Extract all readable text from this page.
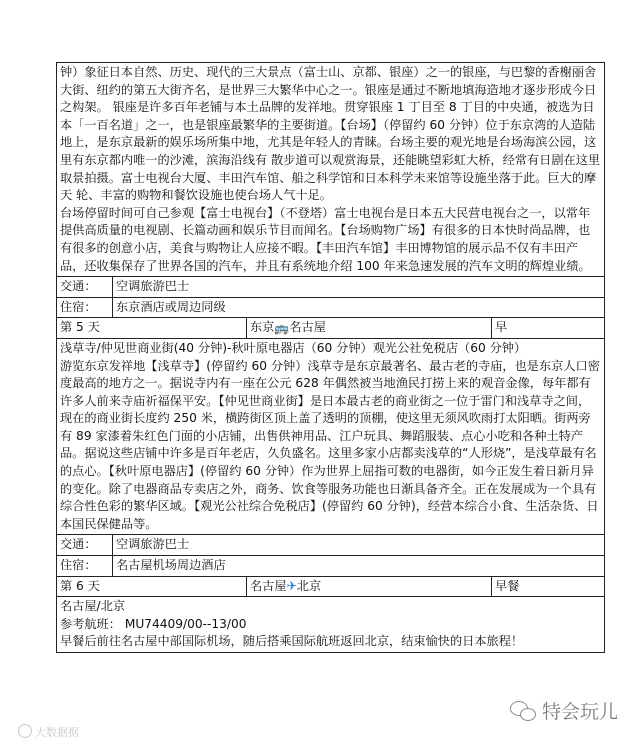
钟）象征日本自然、历史、现代的三大景点（富士山、京都、银座）之一的银座，与巴黎的香榭丽舍大街、纽约的第五大街齐名，是世界三大繁华中心之一。银座是通过不断地填海造地才逐步形成今日之构架。 银座是许多百年老铺与本土品牌的发祥地。贯穿银座 1 丁目至 8 丁目的中央通，被选为日本「一百名道」之一，也是银座最繁华的主要街道。【台场】（停留约 60 分钟）位于东京湾的人造陆地上，是东京最新的娱乐场所集中地，尤其是年轻人的青睐。台场主要的观光地是台场海滨公园，这里有东京都内唯一的沙滩，滨海沿线有 散步道可以观赏海景，还能眺望彩虹大桥，经常有日剧在这里取景拍摄。富士电视台大厦、丰田汽车馆、船之科学馆和日本科学未来馆等设施坐落于此。巨大的摩天 轮、丰富的购物和餐饮设施也使台场人气十足。

台场停留时间可自己参观【富士电视台】（不登塔）富士电视台是日本五大民营电视台之一，以常年提供高质量的电视剧、长篇动画和娱乐节目而闻名。【台场购物广场】有很多的日本快时尚品牌，也有很多的创意小店，美食与购物让人应接不暇。【丰田汽车馆】丰田博物馆的展示品不仅有丰田产品，还收集保存了世界各国的汽车，并且有系统地介绍 100 年来急速发展的汽车文明的辉煌业绩。			

交通：	空调旅游巴士		
住宿：	东京酒店或周边同级		
第 5 天		东京🚌名古屋	早

浅草寺/仲见世商业街(40 分钟)-秋叶原电器店（60 分钟）观光公社免税店（60 分钟）

游览东京发祥地【浅草寺】(停留约 60 分钟）浅草寺是东京最著名、最古老的寺庙，也是东京人口密度最高的地方之一。据说寺内有一座在公元 628 年偶然被当地渔民打捞上来的观音金像，每年都有许多人前来寺庙祈福保平安。【仲见世商业街】是日本最古老的商业街之一位于雷门和浅草寺之间，现在的商业街长度约 250 米，横跨街区顶上盖了透明的顶棚，使这里无须风吹雨打太阳晒。街两旁有 89 家漆着朱红色门面的小店铺，出售供神用品、江户玩具、舞蹈服装、点心小吃和各种土特产品。据说这些店铺中许多是百年老店，久负盛名。这里多家小店都卖浅草的“人形烧”，是浅草最有名的点心。【秋叶原电器店】(停留约 60 分钟）作为世界上屈指可数的电器街，如今正发生着日新月异的变化。除了电器商品专卖店之外，商务、饮食等服务功能也日渐具备齐全。正在发展成为一个具有综合性色彩的繁华区域。【观光公社综合免税店】(停留约 60 分钟)，经营本综合小食、生活杂货、日本国民保健品等。			

交通：	空调旅游巴士		
住宿：	名古屋机场周边酒店		
第 6 天		名古屋✈北京	早餐

名古屋/北京

参考航班： MU74409/00--13/00

早餐后前往名古屋中部国际机场，随后搭乘国际航班返回北京，结束愉快的日本旅程！			

特会玩儿
大数据据
